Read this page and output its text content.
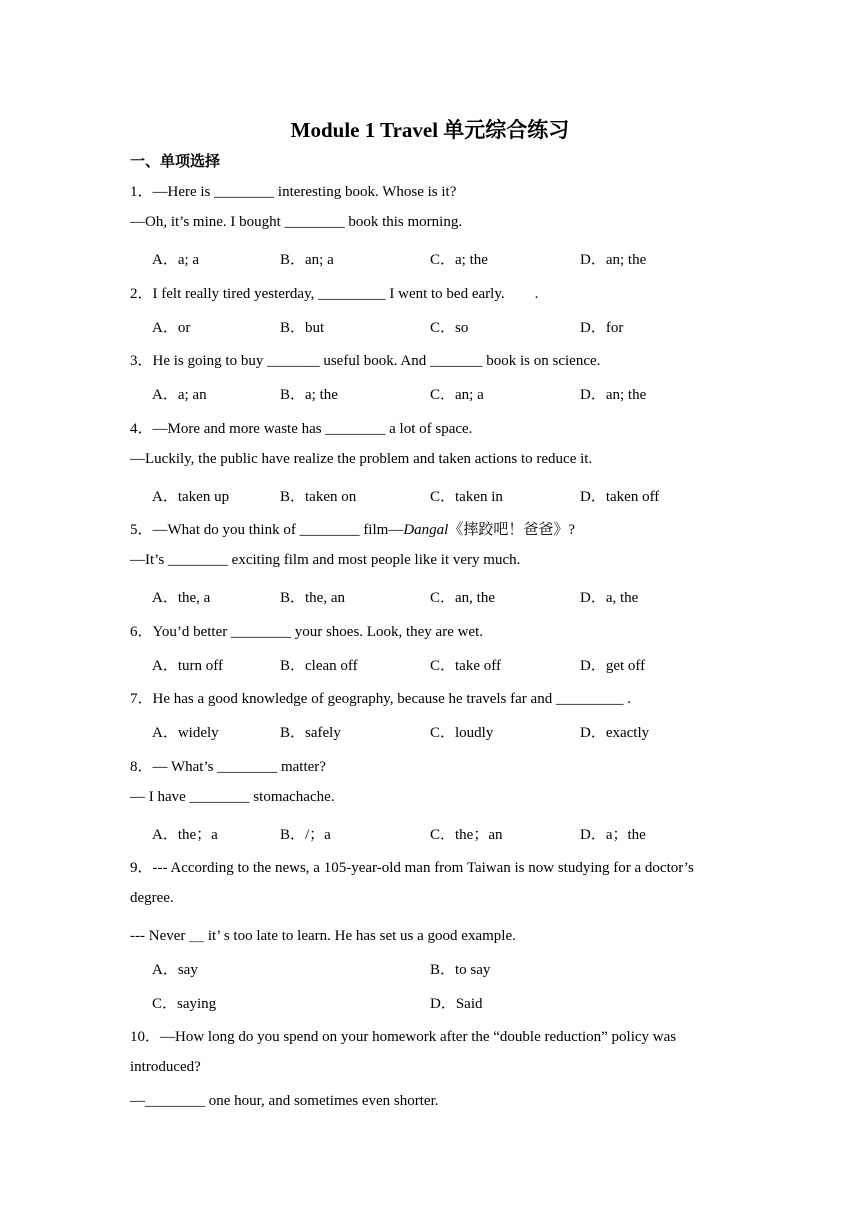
Module 1 Travel 单元综合练习
一、单项选择
1．—Here is ________ interesting book. Whose is it?
—Oh, it’s mine. I bought ________ book this morning.
A．a; a	B．an; a	C．a; the	D．an; the
2．I felt really tired yesterday, _________ I went to bed early.　　.
A．or	B．but	C．so	D．for
3．He is going to buy _______ useful book. And _______ book is on science.
A．a; an	B．a; the	C．an; a	D．an; the
4．—More and more waste has ________ a lot of space.
—Luckily, the public have realize the problem and taken actions to reduce it.
A．taken up	B．taken on	C．taken in	D．taken off
5．—What do you think of ________ film—Dangal《摔跤吧！爸爸》?
—It’s ________ exciting film and most people like it very much.
A．the, a	B．the, an	C．an, the	D．a, the
6．You’d better ________ your shoes. Look, they are wet.
A．turn off	B．clean off	C．take off	D．get off
7．He has a good knowledge of geography, because he travels far and _________ .
A．widely	B．safely	C．loudly	D．exactly
8．— What’s ________ matter?
— I have ________ stomachache.
A．the；a	B．/；a	C．the；an	D．a；the
9．--- According to the news, a 105-year-old man from Taiwan is now studying for a doctor’s
degree.
--- Never ＿ it’ s too late to learn. He has set us a good example.
A．say	B．to say
C．saying	D．Said
10．—How long do you spend on your homework after the “double reduction” policy was
introduced?
—________ one hour, and sometimes even shorter.
